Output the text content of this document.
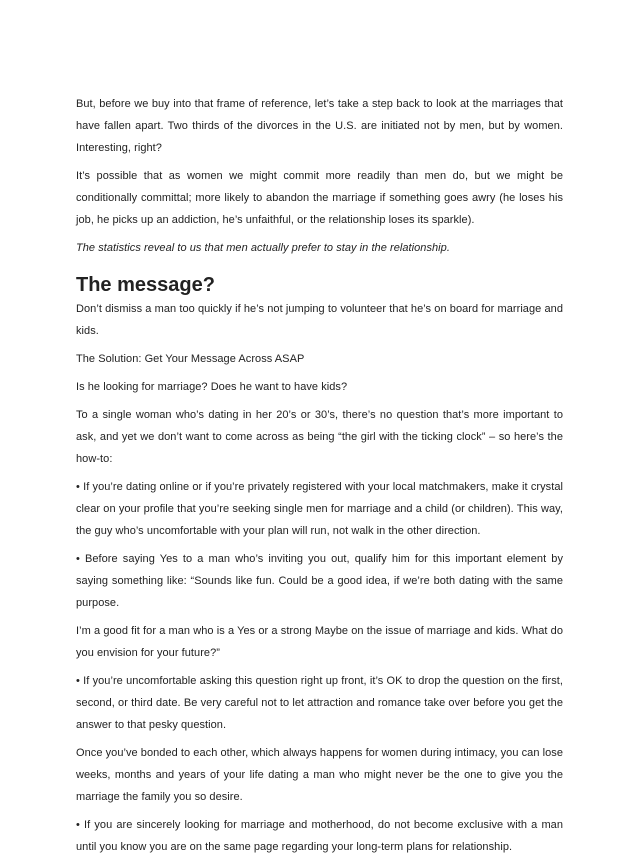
But, before we buy into that frame of reference, let’s take a step back to look at the marriages that have fallen apart. Two thirds of the divorces in the U.S. are initiated not by men, but by women. Interesting, right?

It’s possible that as women we might commit more readily than men do, but we might be conditionally committal; more likely to abandon the marriage if something goes awry (he loses his job, he picks up an addiction, he’s unfaithful, or the relationship loses its sparkle).

The statistics reveal to us that men actually prefer to stay in the relationship.

The message?

Don’t dismiss a man too quickly if he’s not jumping to volunteer that he’s on board for marriage and kids.

The Solution: Get Your Message Across ASAP

Is he looking for marriage? Does he want to have kids?

To a single woman who’s dating in her 20’s or 30’s, there’s no question that’s more important to ask, and yet we don’t want to come across as being “the girl with the ticking clock” – so here’s the how-to:

• If you’re dating online or if you’re privately registered with your local matchmakers, make it crystal clear on your profile that you’re seeking single men for marriage and a child (or children). This way, the guy who’s uncomfortable with your plan will run, not walk in the other direction.

• Before saying Yes to a man who’s inviting you out, qualify him for this important element by saying something like: “Sounds like fun. Could be a good idea, if we’re both dating with the same purpose.

I’m a good fit for a man who is a Yes or a strong Maybe on the issue of marriage and kids. What do you envision for your future?”

• If you’re uncomfortable asking this question right up front, it’s OK to drop the question on the first, second, or third date. Be very careful not to let attraction and romance take over before you get the answer to that pesky question.

Once you’ve bonded to each other, which always happens for women during intimacy, you can lose weeks, months and years of your life dating a man who might never be the one to give you the marriage the family you so desire.

• If you are sincerely looking for marriage and motherhood, do not become exclusive with a man until you know you are on the same page regarding your long-term plans for relationship.
